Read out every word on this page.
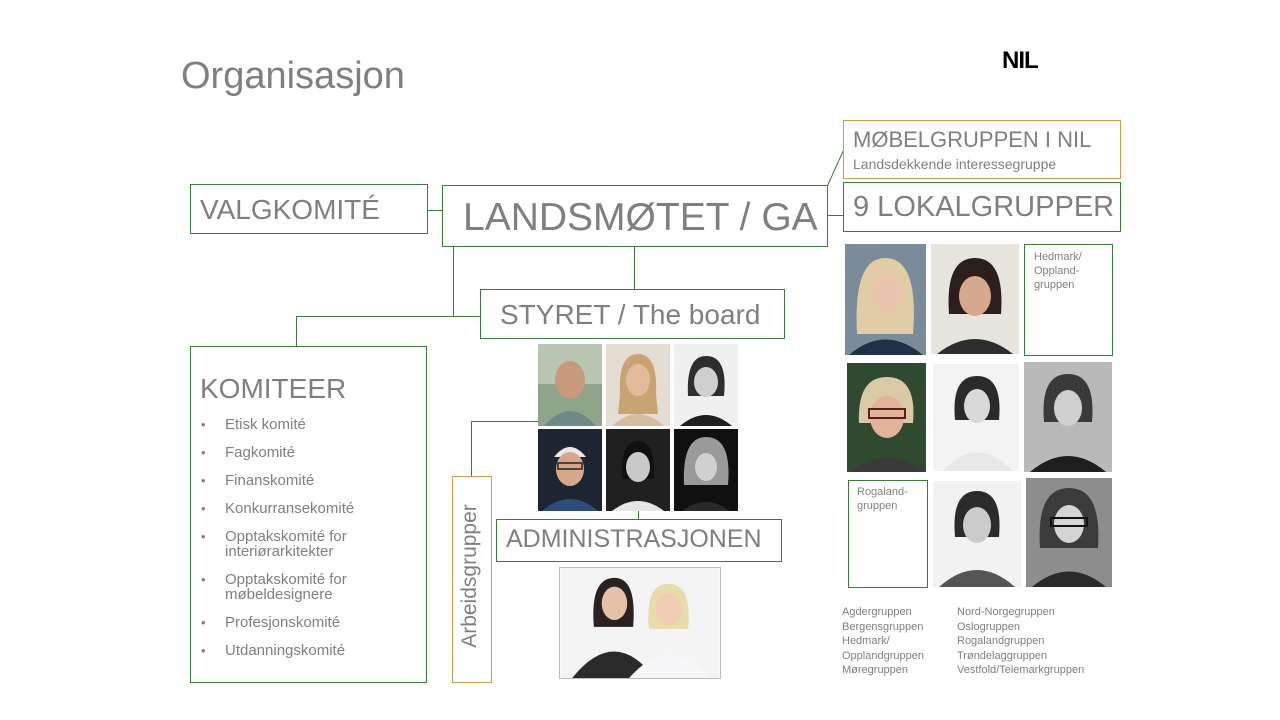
Organisasjon	NIL
VALGKOMITÉ LANDSMØTET / GA
MØBELGRUPPEN I NIL
Landsdekkende interessegruppe
9 LOKALGRUPPER
STYRET / The board
KOMITEER
• Etisk komité
• Fagkomité
• Finanskomité
• Konkurransekomité
• Opptakskomité for interiørarkitekter
• Opptakskomité for møbeldesignere
• Profesjonskomité
• Utdanningskomité
Arbeidsgrupper ADMINISTRASJONEN
Hedmark/ Oppland-gruppen
Rogaland-gruppen
Agdergruppen
Bergensgruppen
Hedmark/
Opplandgruppen
Møregruppen
Nord-Norgegruppen
Oslogruppen
Rogalandgruppen
Trøndelaggruppen
Vestfold/Telemarkgruppen
